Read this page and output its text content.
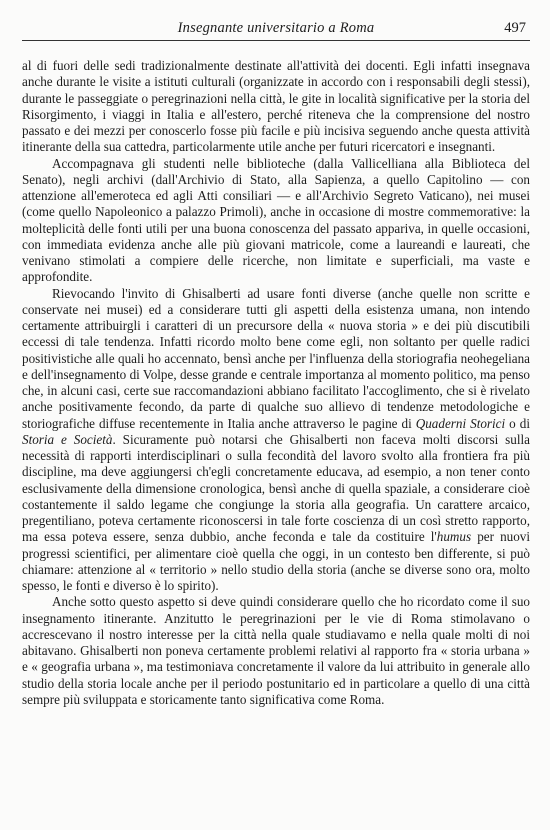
Insegnante universitario a Roma	497

al di fuori delle sedi tradizionalmente destinate all'attività dei docenti. Egli infatti insegnava anche durante le visite a istituti culturali (organizzate in accordo con i responsabili degli stessi), durante le passeggiate o peregrinazioni nella città, le gite in località significative per la storia del Risorgimento, i viaggi in Italia e all'estero, perché riteneva che la comprensione del nostro passato e dei mezzi per conoscerlo fosse più facile e più incisiva seguendo anche questa attività itinerante della sua cattedra, particolarmente utile anche per futuri ricercatori e insegnanti.

Accompagnava gli studenti nelle biblioteche (dalla Vallicelliana alla Biblioteca del Senato), negli archivi (dall'Archivio di Stato, alla Sapienza, a quello Capitolino — con attenzione all'emeroteca ed agli Atti consiliari — e all'Archivio Segreto Vaticano), nei musei (come quello Napoleonico a palazzo Primoli), anche in occasione di mostre commemorative: la molteplicità delle fonti utili per una buona conoscenza del passato appariva, in quelle occasioni, con immediata evidenza anche alle più giovani matricole, come a laureandi e laureati, che venivano stimolati a compiere delle ricerche, non limitate e superficiali, ma vaste e approfondite.

Rievocando l'invito di Ghisalberti ad usare fonti diverse (anche quelle non scritte e conservate nei musei) ed a considerare tutti gli aspetti della esistenza umana, non intendo certamente attribuirgli i caratteri di un precursore della « nuova storia » e dei più discutibili eccessi di tale tendenza. Infatti ricordo molto bene come egli, non soltanto per quelle radici positivistiche alle quali ho accennato, bensì anche per l'influenza della storiografia neohegeliana e dell'insegnamento di Volpe, desse grande e centrale importanza al momento politico, ma penso che, in alcuni casi, certe sue raccomandazioni abbiano facilitato l'accoglimento, che si è rivelato anche positivamente fecondo, da parte di qualche suo allievo di tendenze metodologiche e storiografiche diffuse recentemente in Italia anche attraverso le pagine di Quaderni Storici o di Storia e Società. Sicuramente può notarsi che Ghisalberti non faceva molti discorsi sulla necessità di rapporti interdisciplinari o sulla fecondità del lavoro svolto alla frontiera fra più discipline, ma deve aggiungersi ch'egli concretamente educava, ad esempio, a non tener conto esclusivamente della dimensione cronologica, bensì anche di quella spaziale, a considerare cioè costantemente il saldo legame che congiunge la storia alla geografia. Un carattere arcaico, pregentiliano, poteva certamente riconoscersi in tale forte coscienza di un così stretto rapporto, ma essa poteva essere, senza dubbio, anche feconda e tale da costituire l'humus per nuovi progressi scientifici, per alimentare cioè quella che oggi, in un contesto ben differente, si può chiamare: attenzione al « territorio » nello studio della storia (anche se diverse sono ora, molto spesso, le fonti e diverso è lo spirito).

Anche sotto questo aspetto si deve quindi considerare quello che ho ricordato come il suo insegnamento itinerante. Anzitutto le peregrinazioni per le vie di Roma stimolavano o accrescevano il nostro interesse per la città nella quale studiavamo e nella quale molti di noi abitavano. Ghisalberti non poneva certamente problemi relativi al rapporto fra « storia urbana » e « geografia urbana », ma testimoniava concretamente il valore da lui attribuito in generale allo studio della storia locale anche per il periodo postunitario ed in particolare a quello di una città sempre più sviluppata e storicamente tanto significativa come Roma.
